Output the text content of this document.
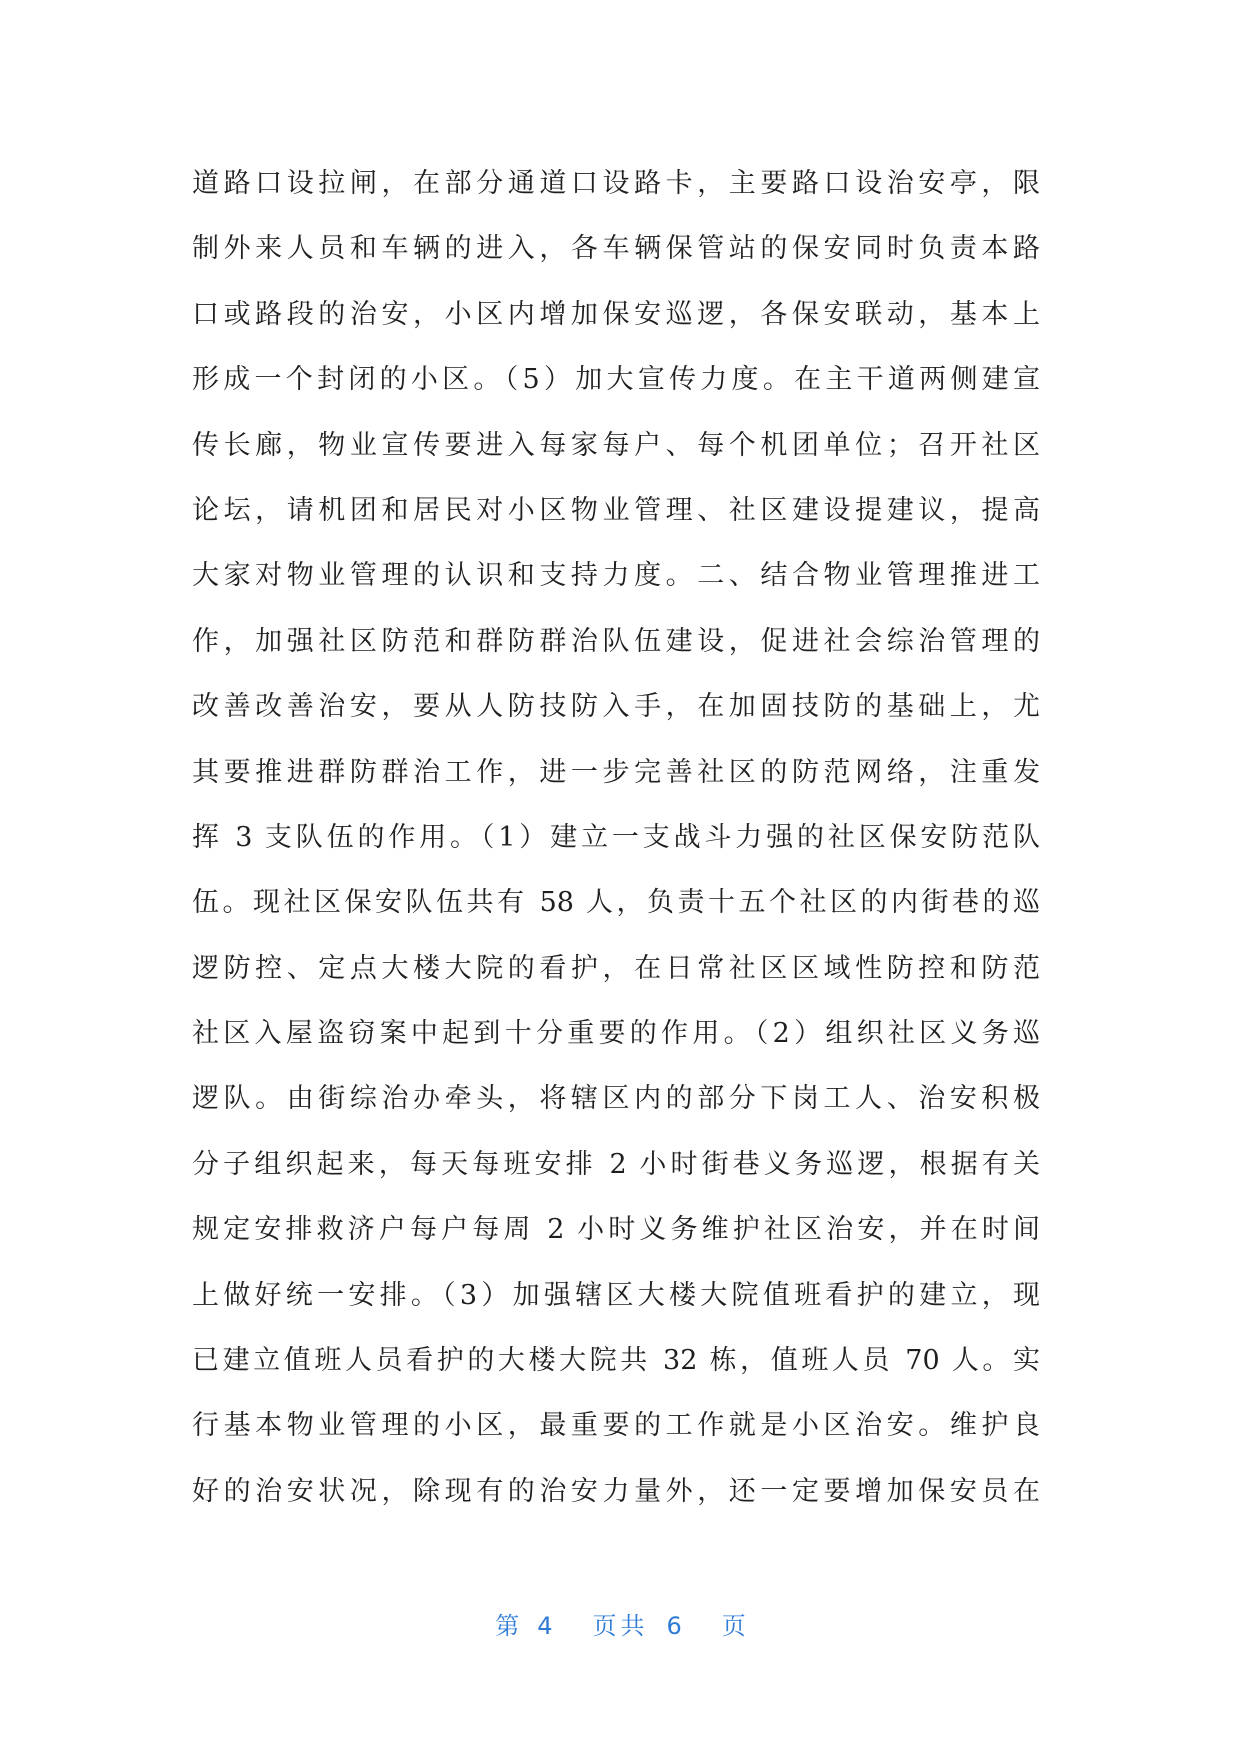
道路口设拉闸，在部分通道口设路卡，主要路口设治安亭，限
制外来人员和车辆的进入，各车辆保管站的保安同时负责本路
口或路段的治安，小区内增加保安巡逻，各保安联动，基本上
形成一个封闭的小区。（5）加大宣传力度。在主干道两侧建宣
传长廊，物业宣传要进入每家每户、每个机团单位；召开社区
论坛，请机团和居民对小区物业管理、社区建设提建议，提高
大家对物业管理的认识和支持力度。二、结合物业管理推进工
作，加强社区防范和群防群治队伍建设，促进社会综治管理的
改善改善治安，要从人防技防入手，在加固技防的基础上，尤
其要推进群防群治工作，进一步完善社区的防范网络，注重发
挥 3 支队伍的作用。（1）建立一支战斗力强的社区保安防范队
伍。现社区保安队伍共有 58 人，负责十五个社区的内街巷的巡
逻防控、定点大楼大院的看护，在日常社区区域性防控和防范
社区入屋盗窃案中起到十分重要的作用。（2）组织社区义务巡
逻队。由街综治办牵头，将辖区内的部分下岗工人、治安积极
分子组织起来，每天每班安排 2 小时街巷义务巡逻，根据有关
规定安排救济户每户每周 2 小时义务维护社区治安，并在时间
上做好统一安排。（3）加强辖区大楼大院值班看护的建立，现
已建立值班人员看护的大楼大院共 32 栋，值班人员 70 人。实
行基本物业管理的小区，最重要的工作就是小区治安。维护良
好的治安状况，除现有的治安力量外，还一定要增加保安员在
第 4 页共 6 页
